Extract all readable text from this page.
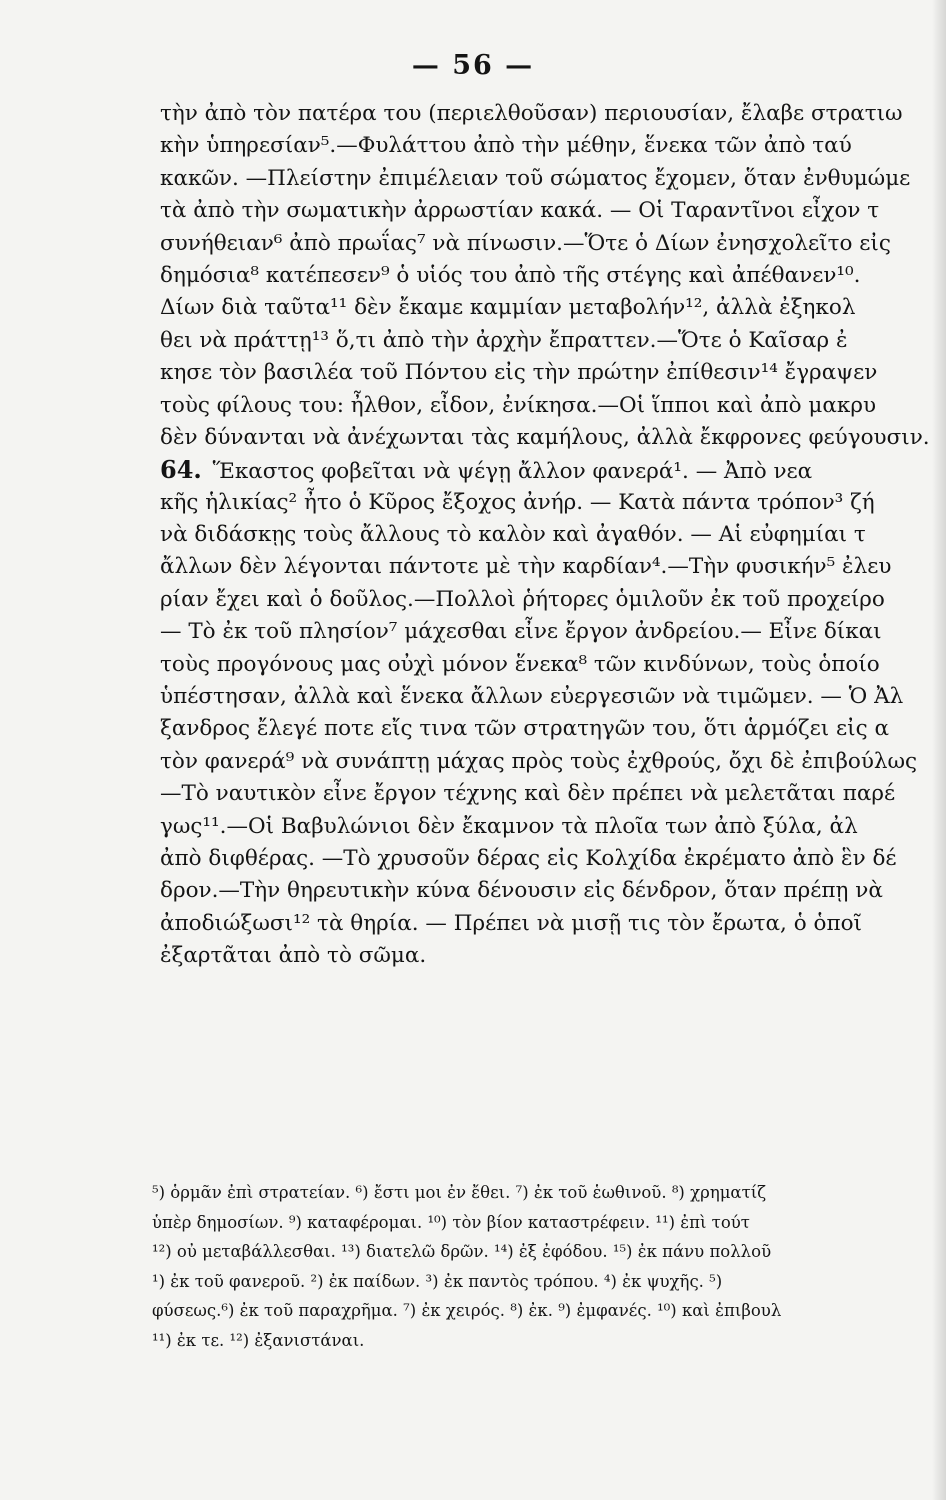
— 56 —
τὴν ἀπὸ τὸν πατέρα του (περιελθοῦσαν) περιουσίαν, ἔλαβε στρατιω
κὴν ὑπηρεσίαν⁵.—Φυλάττου ἀπὸ τὴν μέθην, ἕνεκα τῶν ἀπὸ ταύ
κακῶν. —Πλείστην ἐπιμέλειαν τοῦ σώματος ἔχομεν, ὅταν ἐνθυμώμε
τὰ ἀπὸ τὴν σωματικὴν ἀρρωστίαν κακά. — Οἱ Ταραντῖνοι εἶχον τ
συνήθειαν⁶ ἀπὸ πρωΐας⁷ νὰ πίνωσιν.—Ὅτε ὁ Δίων ἐνησχολεῖτο εἰς
δημόσια⁸ κατέπεσεν⁹ ὁ υἱός του ἀπὸ τῆς στέγης καὶ ἀπέθανεν¹⁰.
Δίων διὰ ταῦτα¹¹ δὲν ἔκαμε καμμίαν μεταβολήν¹², ἀλλὰ ἐξηκολ
θει νὰ πράττῃ¹³ ὅ,τι ἀπὸ τὴν ἀρχὴν ἔπραττεν.—Ὅτε ὁ Καῖσαρ ἐ
κησε τὸν βασιλέα τοῦ Πόντου εἰς τὴν πρώτην ἐπίθεσιν¹⁴ ἔγραψεν
τοὺς φίλους του: ἦλθον, εἶδον, ἐνίκησα.—Οἱ ἵπποι καὶ ἀπὸ μακρυ
δὲν δύνανται νὰ ἀνέχωνται τὰς καμήλους, ἀλλὰ ἔκφρονες φεύγουσιν.
64. Ἕκαστος φοβεῖται νὰ ψέγῃ ἄλλον φανερά¹. — Ἀπὸ νεα
κῆς ἡλικίας² ἦτο ὁ Κῦρος ἔξοχος ἀνήρ. — Κατὰ πάντα τρόπον³ ζή
νὰ διδάσκῃς τοὺς ἄλλους τὸ καλὸν καὶ ἀγαθόν. — Αἱ εὐφημίαι τ
ἄλλων δὲν λέγονται πάντοτε μὲ τὴν καρδίαν⁴.—Τὴν φυσικήν⁵ ἐλευ
ρίαν ἔχει καὶ ὁ δοῦλος.—Πολλοὶ ῥήτορες ὁμιλοῦν ἐκ τοῦ προχείρο
— Τὸ ἐκ τοῦ πλησίον⁷ μάχεσθαι εἶνε ἔργον ἀνδρείου.— Εἶνε δίκαι
τοὺς προγόνους μας οὐχὶ μόνον ἕνεκα⁸ τῶν κινδύνων, τοὺς ὁποίο
ὑπέστησαν, ἀλλὰ καὶ ἕνεκα ἄλλων εὐεργεσιῶν νὰ τιμῶμεν. — Ὁ Ἀλ
ξανδρος ἔλεγέ ποτε εἴς τινα τῶν στρατηγῶν του, ὅτι ἁρμόζει εἰς α
τὸν φανερά⁹ νὰ συνάπτῃ μάχας πρὸς τοὺς ἐχθρούς, ὄχι δὲ ἐπιβούλως
—Τὸ ναυτικὸν εἶνε ἔργον τέχνης καὶ δὲν πρέπει νὰ μελετᾶται παρέ
γως¹¹.—Οἱ Βαβυλώνιοι δὲν ἔκαμνον τὰ πλοῖα των ἀπὸ ξύλα, ἀλ
ἀπὸ διφθέρας. —Τὸ χρυσοῦν δέρας εἰς Κολχίδα ἐκρέματο ἀπὸ ἓν δέ
δρον.—Τὴν θηρευτικὴν κύνα δένουσιν εἰς δένδρον, ὅταν πρέπῃ νὰ
ἀποδιώξωσι¹² τὰ θηρία. — Πρέπει νὰ μισῇ τις τὸν ἔρωτα, ὁ ὁποῖ
ἐξαρτᾶται ἀπὸ τὸ σῶμα.
⁵) ὁρμᾶν ἐπὶ στρατείαν. ⁶) ἔστι μοι ἐν ἔθει. ⁷) ἐκ τοῦ ἑωθινοῦ. ⁸) χρηματίζ
ὑπὲρ δημοσίων. ⁹) καταφέρομαι. ¹⁰) τὸν βίον καταστρέφειν. ¹¹) ἐπὶ τούτ
¹²) οὐ μεταβάλλεσθαι. ¹³) διατελῶ δρῶν. ¹⁴) ἐξ ἐφόδου. ¹⁵) ἐκ πάνυ πολλοῦ
¹) ἐκ τοῦ φανεροῦ. ²) ἐκ παίδων. ³) ἐκ παντὸς τρόπου. ⁴) ἐκ ψυχῆς. ⁵)
φύσεως.⁶) ἐκ τοῦ παραχρῆμα. ⁷) ἐκ χειρός. ⁸) ἐκ. ⁹) ἐμφανές. ¹⁰) καὶ ἐπιβουλ
¹¹) ἐκ τε. ¹²) ἐξανιστάναι.
